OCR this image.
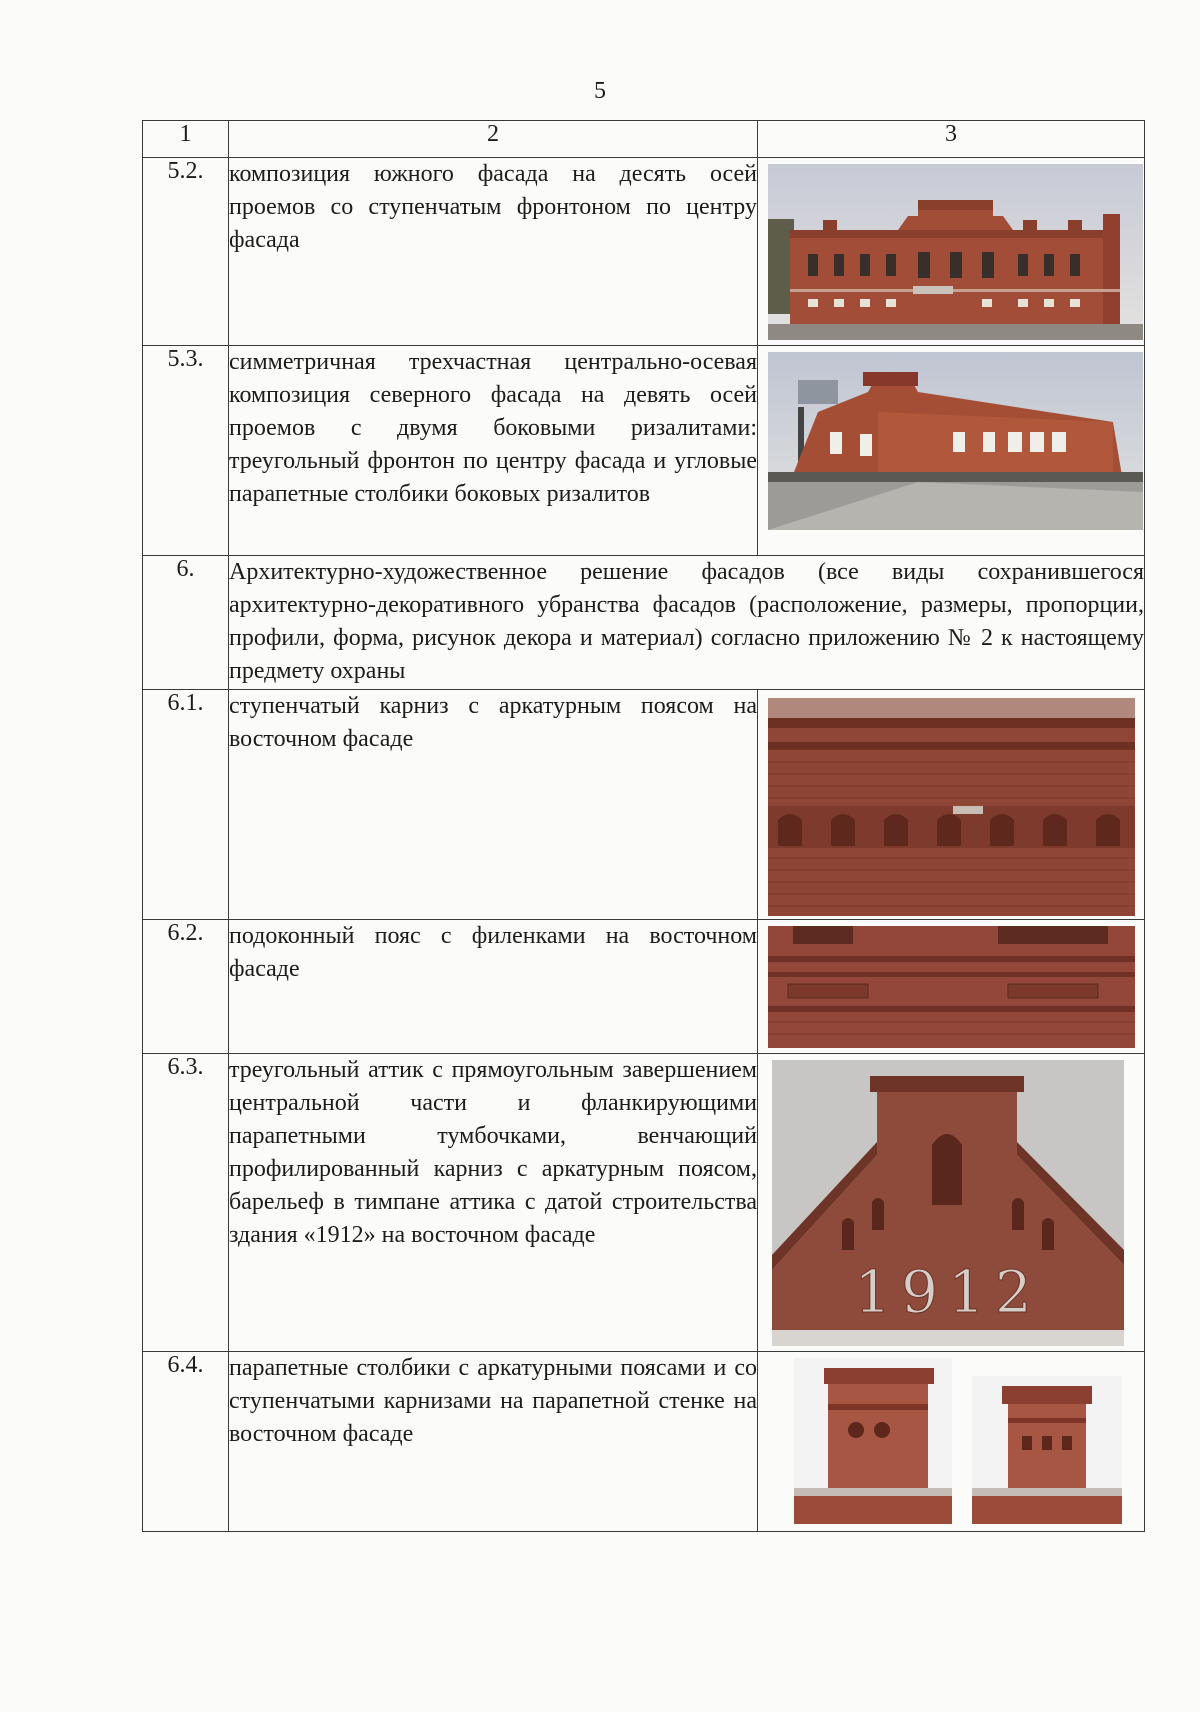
5
1	2	3
5.2.	композиция южного фасада на десять осей проемов со ступенчатым фронтоном по центру фасада	

5.3.	симметричная трехчастная центрально-осевая композиция северного фасада на девять осей проемов с двумя боковыми ризалитами: треугольный фронтон по центру фасада и угловые парапетные столбики боковых ризалитов	

6.	Архитектурно-художественное решение фасадов (все виды сохранившегося архитектурно-декоративного убранства фасадов (расположение, размеры, пропорции, профили, форма, рисунок декора и материал) согласно приложению № 2 к настоящему предмету охраны	
6.1.	ступенчатый карниз с аркатурным поясом на восточном фасаде	

6.2.	подоконный пояс с филенками на восточном фасаде	

6.3.	треугольный аттик с прямоугольным завершением центральной части и фланкирующими парапетными тумбочками, венчающий профилированный карниз с аркатурным поясом, барельеф в тимпане аттика с датой строительства здания «1912» на восточном фасаде	1912

6.4.	парапетные столбики с аркатурными поясами и со ступенчатыми карнизами на парапетной стенке на восточном фасаде	
